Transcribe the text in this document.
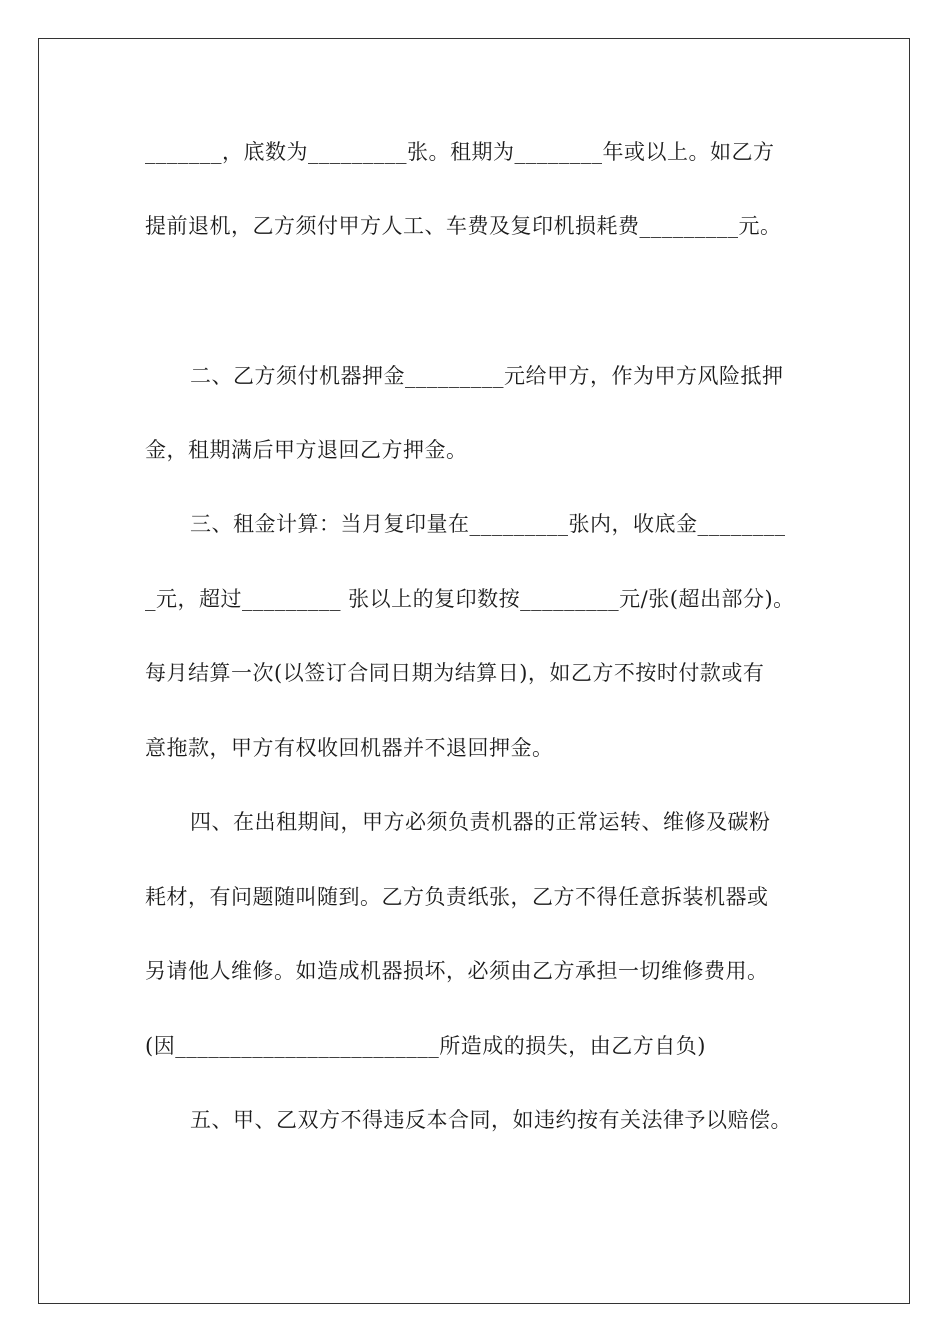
_______，底数为_________张。租期为________年或以上。如乙方
提前退机，乙方须付甲方人工、车费及复印机损耗费_________元。
二、乙方须付机器押金_________元给甲方，作为甲方风险抵押
金，租期满后甲方退回乙方押金。
三、租金计算：当月复印量在_________张内，收底金________
_元，超过_________ 张以上的复印数按_________元/张(超出部分)。
每月结算一次(以签订合同日期为结算日)，如乙方不按时付款或有
意拖款，甲方有权收回机器并不退回押金。
四、在出租期间，甲方必须负责机器的正常运转、维修及碳粉
耗材，有问题随叫随到。乙方负责纸张，乙方不得任意拆装机器或
另请他人维修。如造成机器损坏，必须由乙方承担一切维修费用。
(因________________________所造成的损失，由乙方自负)
五、甲、乙双方不得违反本合同，如违约按有关法律予以赔偿。
